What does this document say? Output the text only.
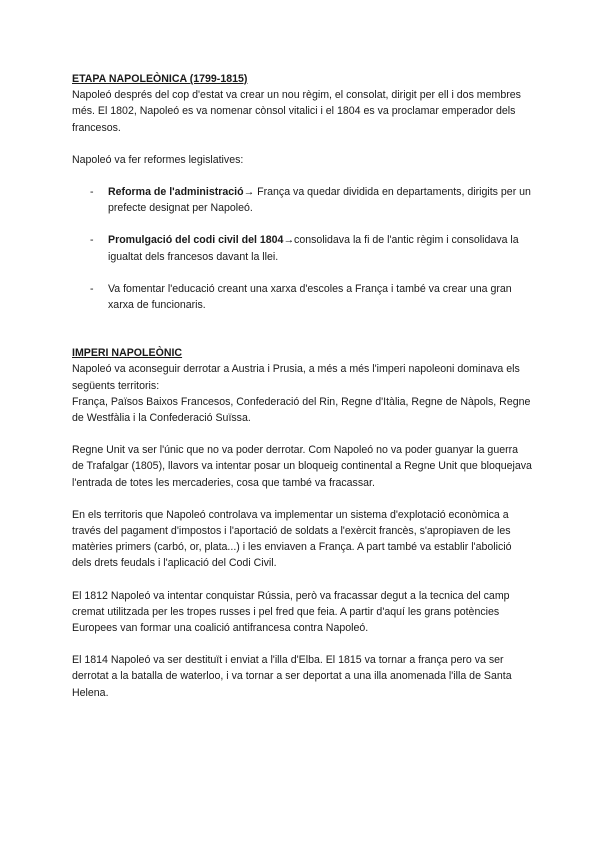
ETAPA NAPOLEÒNICA (1799-1815)

Napoleó després del cop d'estat va crear un nou règim, el consolat, dirigit per ell i dos membres més. El 1802, Napoleó es va nomenar cònsol vitalici i el 1804 es va proclamar emperador dels francesos.

Napoleó va fer reformes legislatives:

- Reforma de l'administració→ França va quedar dividida en departaments, dirigits per un prefecte designat per Napoleó.
- Promulgació del codi civil del 1804→consolidava la fi de l'antic règim i consolidava la igualtat dels francesos davant la llei.
- Va fomentar l'educació creant una xarxa d'escoles a França i també va crear una gran xarxa de funcionaris.

IMPERI NAPOLEÒNIC

Napoleó va aconseguir derrotar a Austria i Prusia, a més a més l'imperi napoleoni dominava els següents territoris:

França, Països Baixos Francesos, Confederació del Rin, Regne d'Itàlia, Regne de Nàpols, Regne de Westfàlia i la Confederació Suïssa.

Regne Unit va ser l'únic que no va poder derrotar. Com Napoleó no va poder guanyar la guerra de Trafalgar (1805), llavors va intentar posar un bloqueig continental a Regne Unit que bloquejava l'entrada de totes les mercaderies, cosa que també va fracassar.

En els territoris que Napoleó controlava va implementar un sistema d'explotació econòmica a través del pagament d'impostos i l'aportació de soldats a l'exèrcit francès, s'apropiaven de les matèries primers (carbó, or, plata...) i les enviaven a França. A part també va establir l'abolició dels drets feudals i l'aplicació del Codi Civil.

El 1812 Napoleó va intentar conquistar Rússia, però va fracassar degut a la tecnica del camp cremat utilitzada per les tropes russes i pel fred que feia. A partir d'aquí les grans potències Europees van formar una coalició antifrancesa contra Napoleó.

El 1814 Napoleó va ser destituït i enviat a l'illa d'Elba. El 1815 va tornar a frança pero va ser derrotat a la batalla de waterloo, i va tornar a ser deportat a una illa anomenada l'illa de Santa Helena.
